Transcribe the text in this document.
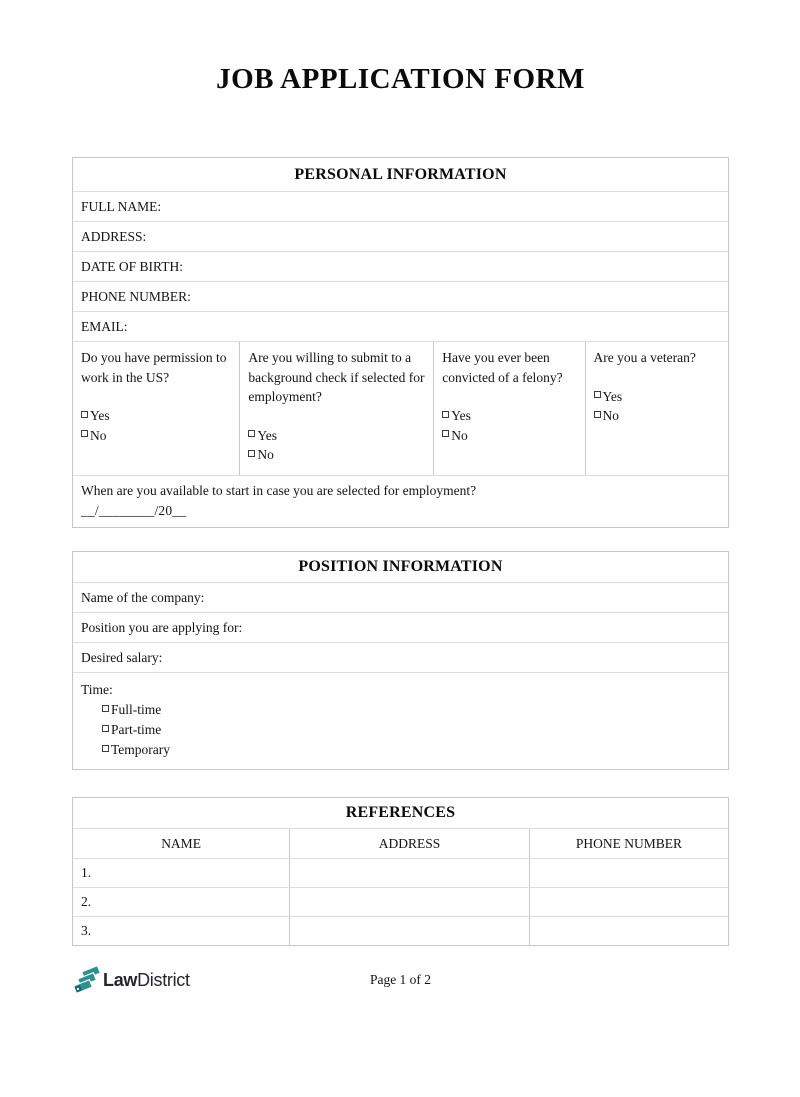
JOB APPLICATION FORM
PERSONAL INFORMATION
FULL NAME:
ADDRESS:
DATE OF BIRTH:
PHONE NUMBER:
EMAIL:
Do you have permission to work in the US?
Yes
No
Are you willing to submit to a background check if selected for employment?
Yes
No
Have you ever been convicted of a felony?
Yes
No
Are you a veteran?
Yes
No
When are you available to start in case you are selected for employment?
__/________/20__
POSITION INFORMATION
Name of the company:
Position you are applying for:
Desired salary:
Time:
Full-time
Part-time
Temporary
REFERENCES
NAME	ADDRESS	PHONE NUMBER
1.
2.
3.
LawDistrict	Page 1 of 2
